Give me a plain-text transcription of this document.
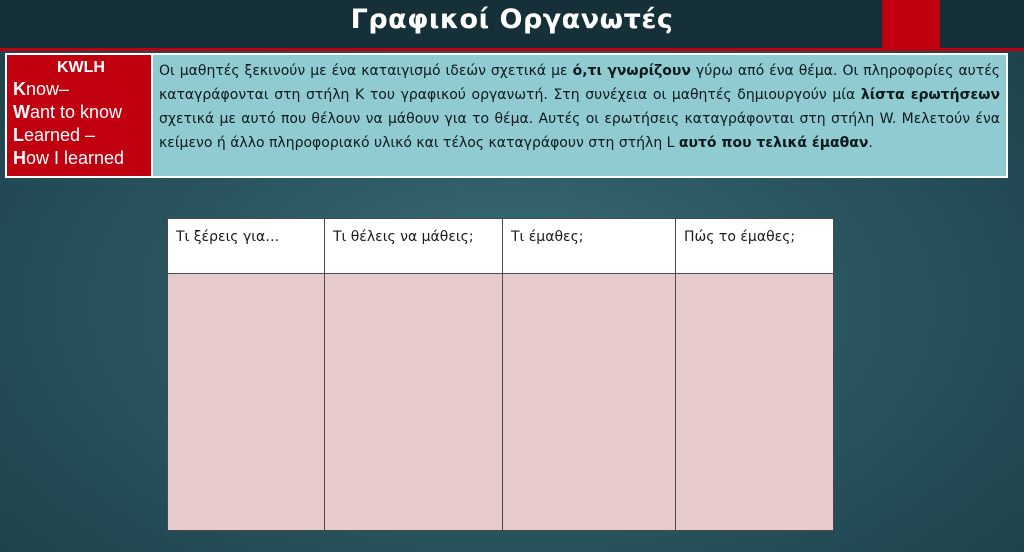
Γραφικοί Οργανωτές
KWLH
Know–
Want to know
Learned –
How I learned
Οι μαθητές ξεκινούν με ένα καταιγισμό ιδεών σχετικά με ό,τι γνωρίζουν γύρω από ένα θέμα. Οι πληροφορίες αυτές καταγράφονται στη στήλη K του γραφικού οργανωτή. Στη συνέχεια οι μαθητές δημιουργούν μία λίστα ερωτήσεων σχετικά με αυτό που θέλουν να μάθουν για το θέμα. Αυτές οι ερωτήσεις καταγράφονται στη στήλη W. Μελετούν ένα κείμενο ή άλλο πληροφοριακό υλικό και τέλος καταγράφουν στη στήλη L αυτό που τελικά έμαθαν.
Τι ξέρεις για…	Τι θέλεις να μάθεις;	Τι έμαθες;	Πώς το έμαθες;
